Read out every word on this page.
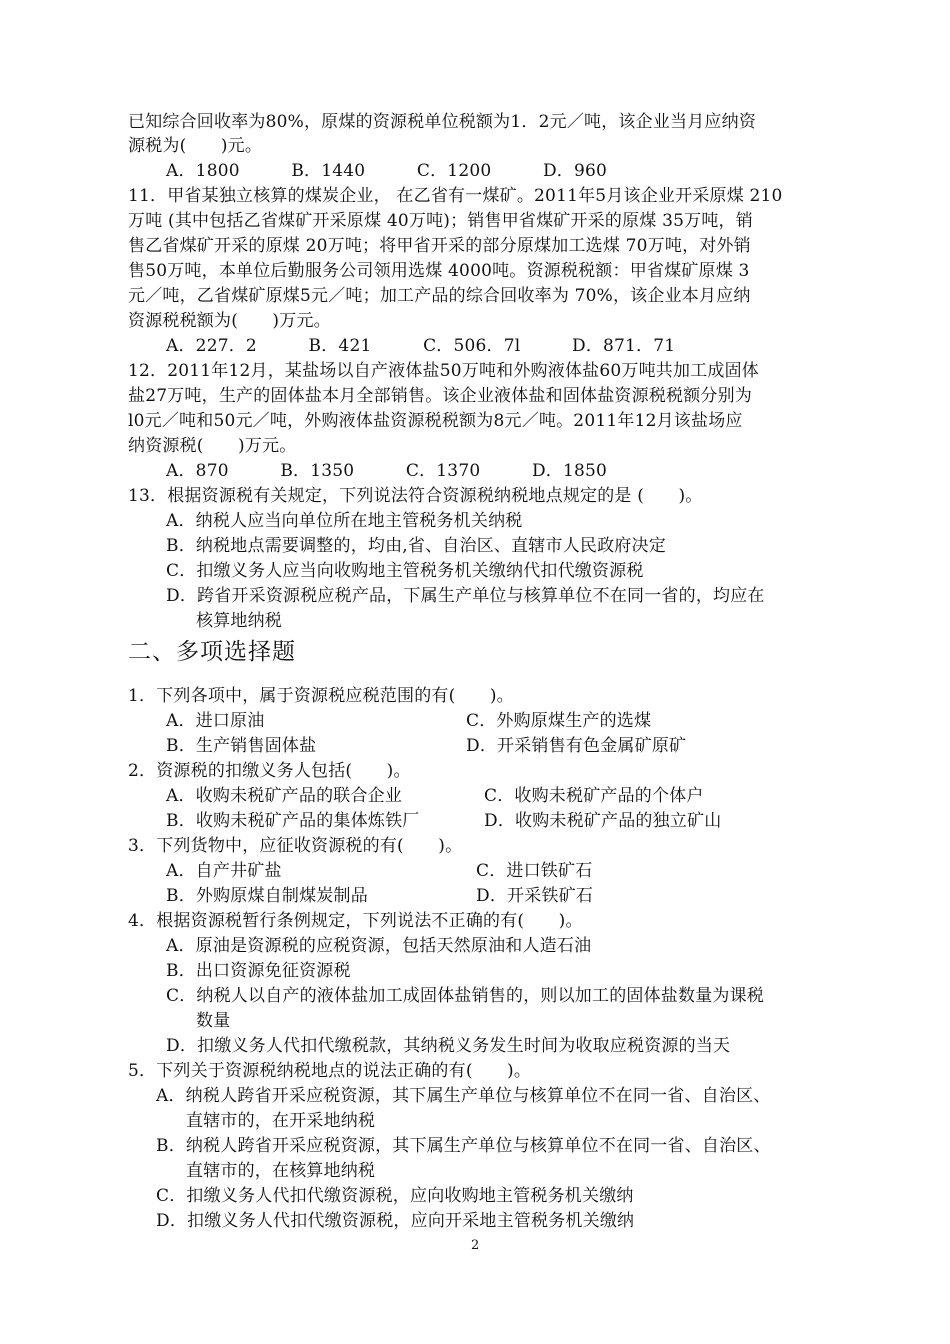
已知综合回收率为80%，原煤的资源税单位税额为1．2元／吨，该企业当月应纳资
源税为(　　)元。
A．1800　　　B．1440　　　C．1200　　　D．960
11．甲省某独立核算的煤炭企业， 在乙省有一煤矿。2011年5月该企业开采原煤 210
万吨 (其中包括乙省煤矿开采原煤 40万吨)；销售甲省煤矿开采的原煤 35万吨，销
售乙省煤矿开采的原煤 20万吨；将甲省开采的部分原煤加工选煤 70万吨，对外销
售50万吨，本单位后勤服务公司领用选煤 4000吨。资源税税额：甲省煤矿原煤 3
元／吨，乙省煤矿原煤5元／吨；加工产品的综合回收率为 70%，该企业本月应纳
资源税税额为(　　)万元。
A．227．2　　　B．421　　　C．506．7l　　　D．871．71
12．2011年12月，某盐场以自产液体盐50万吨和外购液体盐60万吨共加工成固体
盐27万吨，生产的固体盐本月全部销售。该企业液体盐和固体盐资源税税额分别为
l0元／吨和50元／吨，外购液体盐资源税税额为8元／吨。2011年12月该盐场应
纳资源税(　　)万元。
A．870　　　B．1350　　　C．1370　　　D．1850
13．根据资源税有关规定，下列说法符合资源税纳税地点规定的是 (　　)。
A．纳税人应当向单位所在地主管税务机关纳税
B．纳税地点需要调整的，均由,省、自治区、直辖市人民政府决定
C．扣缴义务人应当向收购地主管税务机关缴纳代扣代缴资源税
D．跨省开采资源税应税产品，下属生产单位与核算单位不在同一省的，均应在
核算地纳税
二、多项选择题
1．下列各项中，属于资源税应税范围的有(　　)。
A．进口原油	C．外购原煤生产的选煤
B．生产销售固体盐	D．开采销售有色金属矿原矿
2．资源税的扣缴义务人包括(　　)。
A．收购未税矿产品的联合企业	C．收购未税矿产品的个体户
B．收购未税矿产品的集体炼铁厂	D．收购未税矿产品的独立矿山
3．下列货物中，应征收资源税的有(　　)。
A．自产井矿盐	C．进口铁矿石
B．外购原煤自制煤炭制品	D．开采铁矿石
4．根据资源税暂行条例规定，下列说法不正确的有(　　)。
A．原油是资源税的应税资源，包括天然原油和人造石油
B．出口资源免征资源税
C．纳税人以自产的液体盐加工成固体盐销售的，则以加工的固体盐数量为课税
数量
D．扣缴义务人代扣代缴税款，其纳税义务发生时间为收取应税资源的当天
5．下列关于资源税纳税地点的说法正确的有(　　)。
A．纳税人跨省开采应税资源，其下属生产单位与核算单位不在同一省、自治区、
直辖市的，在开采地纳税
B．纳税人跨省开采应税资源，其下属生产单位与核算单位不在同一省、自治区、
直辖市的，在核算地纳税
C．扣缴义务人代扣代缴资源税，应向收购地主管税务机关缴纳
D．扣缴义务人代扣代缴资源税，应向开采地主管税务机关缴纳
2
